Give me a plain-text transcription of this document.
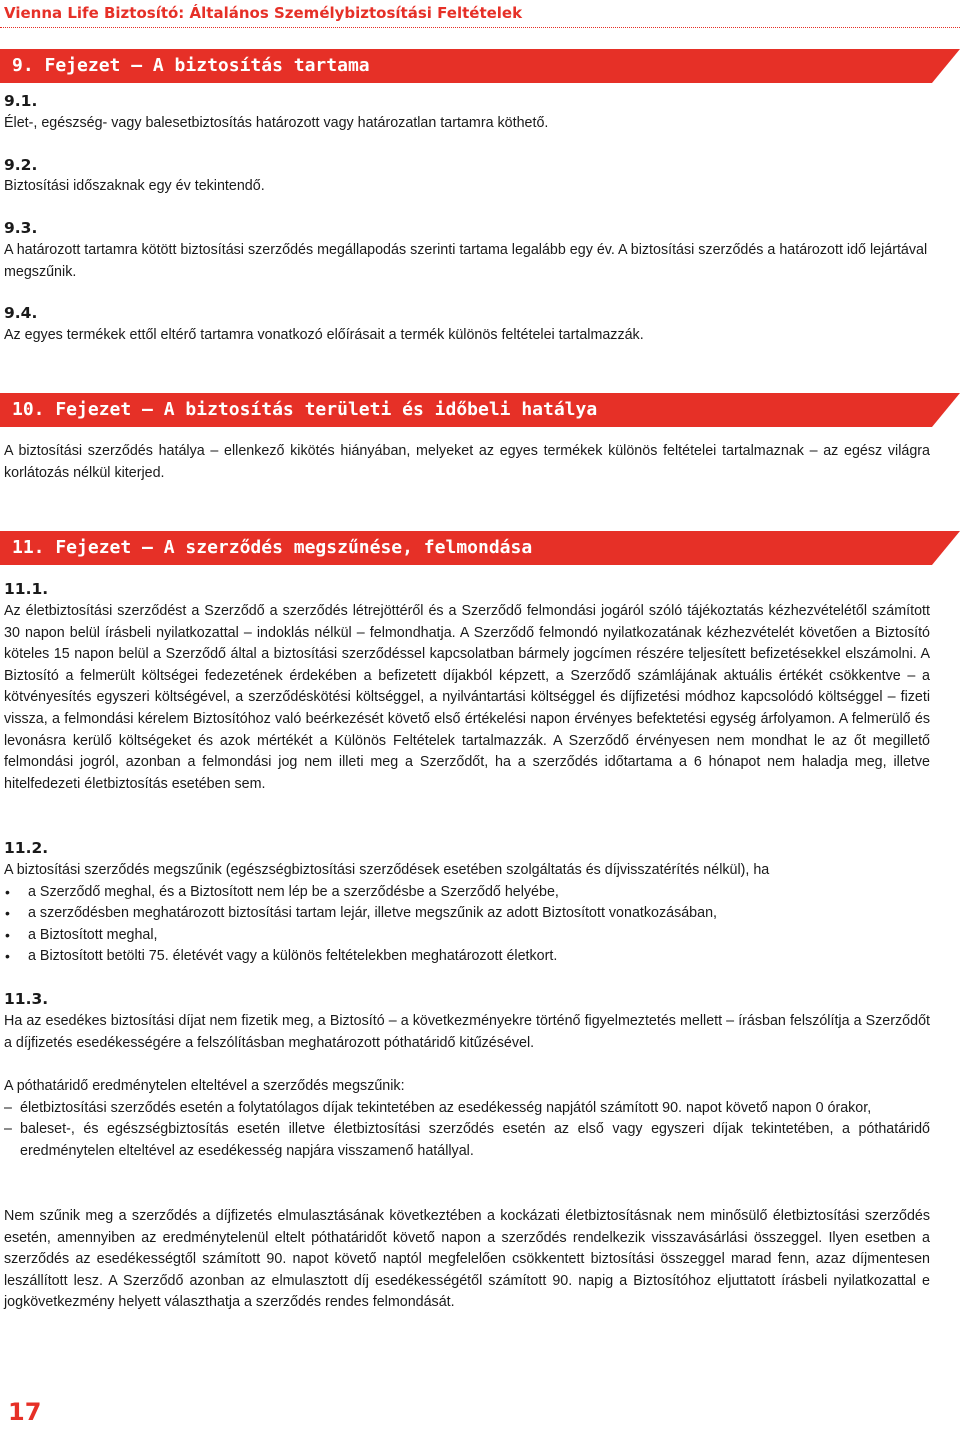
Vienna Life Biztosító: Általános Személybiztosítási Feltételek
9. Fejezet – A biztosítás tartama
9.1.
Élet-, egészség- vagy balesetbiztosítás határozott vagy határozatlan tartamra köthető.
9.2.
Biztosítási időszaknak egy év tekintendő.
9.3.
A határozott tartamra kötött biztosítási szerződés megállapodás szerinti tartama legalább egy év. A biztosítási szerződés a határozott idő lejártával megszűnik.
9.4.
Az egyes termékek ettől eltérő tartamra vonatkozó előírásait a termék különös feltételei tartalmazzák.
10. Fejezet – A biztosítás területi és időbeli hatálya
A biztosítási szerződés hatálya – ellenkező kikötés hiányában, melyeket az egyes termékek különös feltételei tartalmaznak – az egész világra korlátozás nélkül kiterjed.
11. Fejezet – A szerződés megszűnése, felmondása
11.1.
Az életbiztosítási szerződést a Szerződő a szerződés létrejöttéről és a Szerződő felmondási jogáról szóló tájékoztatás kézhezvételétől számított 30 napon belül írásbeli nyilatkozattal – indoklás nélkül – felmondhatja. A Szerződő felmondó nyilatkozatának kézhezvételét követően a Biztosító köteles 15 napon belül a Szerződő által a biztosítási szerződéssel kapcsolatban bármely jogcímen részére teljesített befizetésekkel elszámolni. A Biztosító a felmerült költségei fedezetének érdekében a befizetett díjakból képzett, a Szerződő számlájának aktuális értékét csökkentve – a kötvényesítés egyszeri költségével, a szerződéskötési költséggel, a nyilvántartási költséggel és díjfizetési módhoz kapcsolódó költséggel – fizeti vissza, a felmondási kérelem Biztosítóhoz való beérkezését követő első értékelési napon érvényes befektetési egység árfolyamon. A felmerülő és levonásra kerülő költségeket és azok mértékét a Különös Feltételek tartalmazzák. A Szerződő érvényesen nem mondhat le az őt megillető felmondási jogról, azonban a felmondási jog nem illeti meg a Szerződőt, ha a szerződés időtartama a 6 hónapot nem haladja meg, illetve hitelfedezeti életbiztosítás esetében sem.
11.2.
A biztosítási szerződés megszűnik (egészségbiztosítási szerződések esetében szolgáltatás és díjvisszatérítés nélkül), ha
• a Szerződő meghal, és a Biztosított nem lép be a szerződésbe a Szerződő helyébe,
• a szerződésben meghatározott biztosítási tartam lejár, illetve megszűnik az adott Biztosított vonatkozásában,
• a Biztosított meghal,
• a Biztosított betölti 75. életévét vagy a különös feltételekben meghatározott életkort.
11.3.
Ha az esedékes biztosítási díjat nem fizetik meg, a Biztosító – a következményekre történő figyelmeztetés mellett – írásban felszólítja a Szerződőt a díjfizetés esedékességére a felszólításban meghatározott póthatáridő kitűzésével.
A póthatáridő eredménytelen elteltével a szerződés megszűnik:
– életbiztosítási szerződés esetén a folytatólagos díjak tekintetében az esedékesség napjától számított 90. napot követő napon 0 órakor,
– baleset-, és egészségbiztosítás esetén illetve életbiztosítási szerződés esetén az első vagy egyszeri díjak tekintetében, a póthatáridő eredménytelen elteltével az esedékesség napjára visszamenő hatállyal.
Nem szűnik meg a szerződés a díjfizetés elmulasztásának következtében a kockázati életbiztosításnak nem minősülő életbiztosítási szerződés esetén, amennyiben az eredménytelenül eltelt póthatáridőt követő napon a szerződés rendelkezik visszavásárlási összeggel. Ilyen esetben a szerződés az esedékességtől számított 90. napot követő naptól megfelelően csökkentett biztosítási összeggel marad fenn, azaz díjmentesen leszállított lesz. A Szerződő azonban az elmulasztott díj esedékességétől számított 90. napig a Biztosítóhoz eljuttatott írásbeli nyilatkozattal e jogkövetkezmény helyett választhatja a szerződés rendes felmondását.
17
